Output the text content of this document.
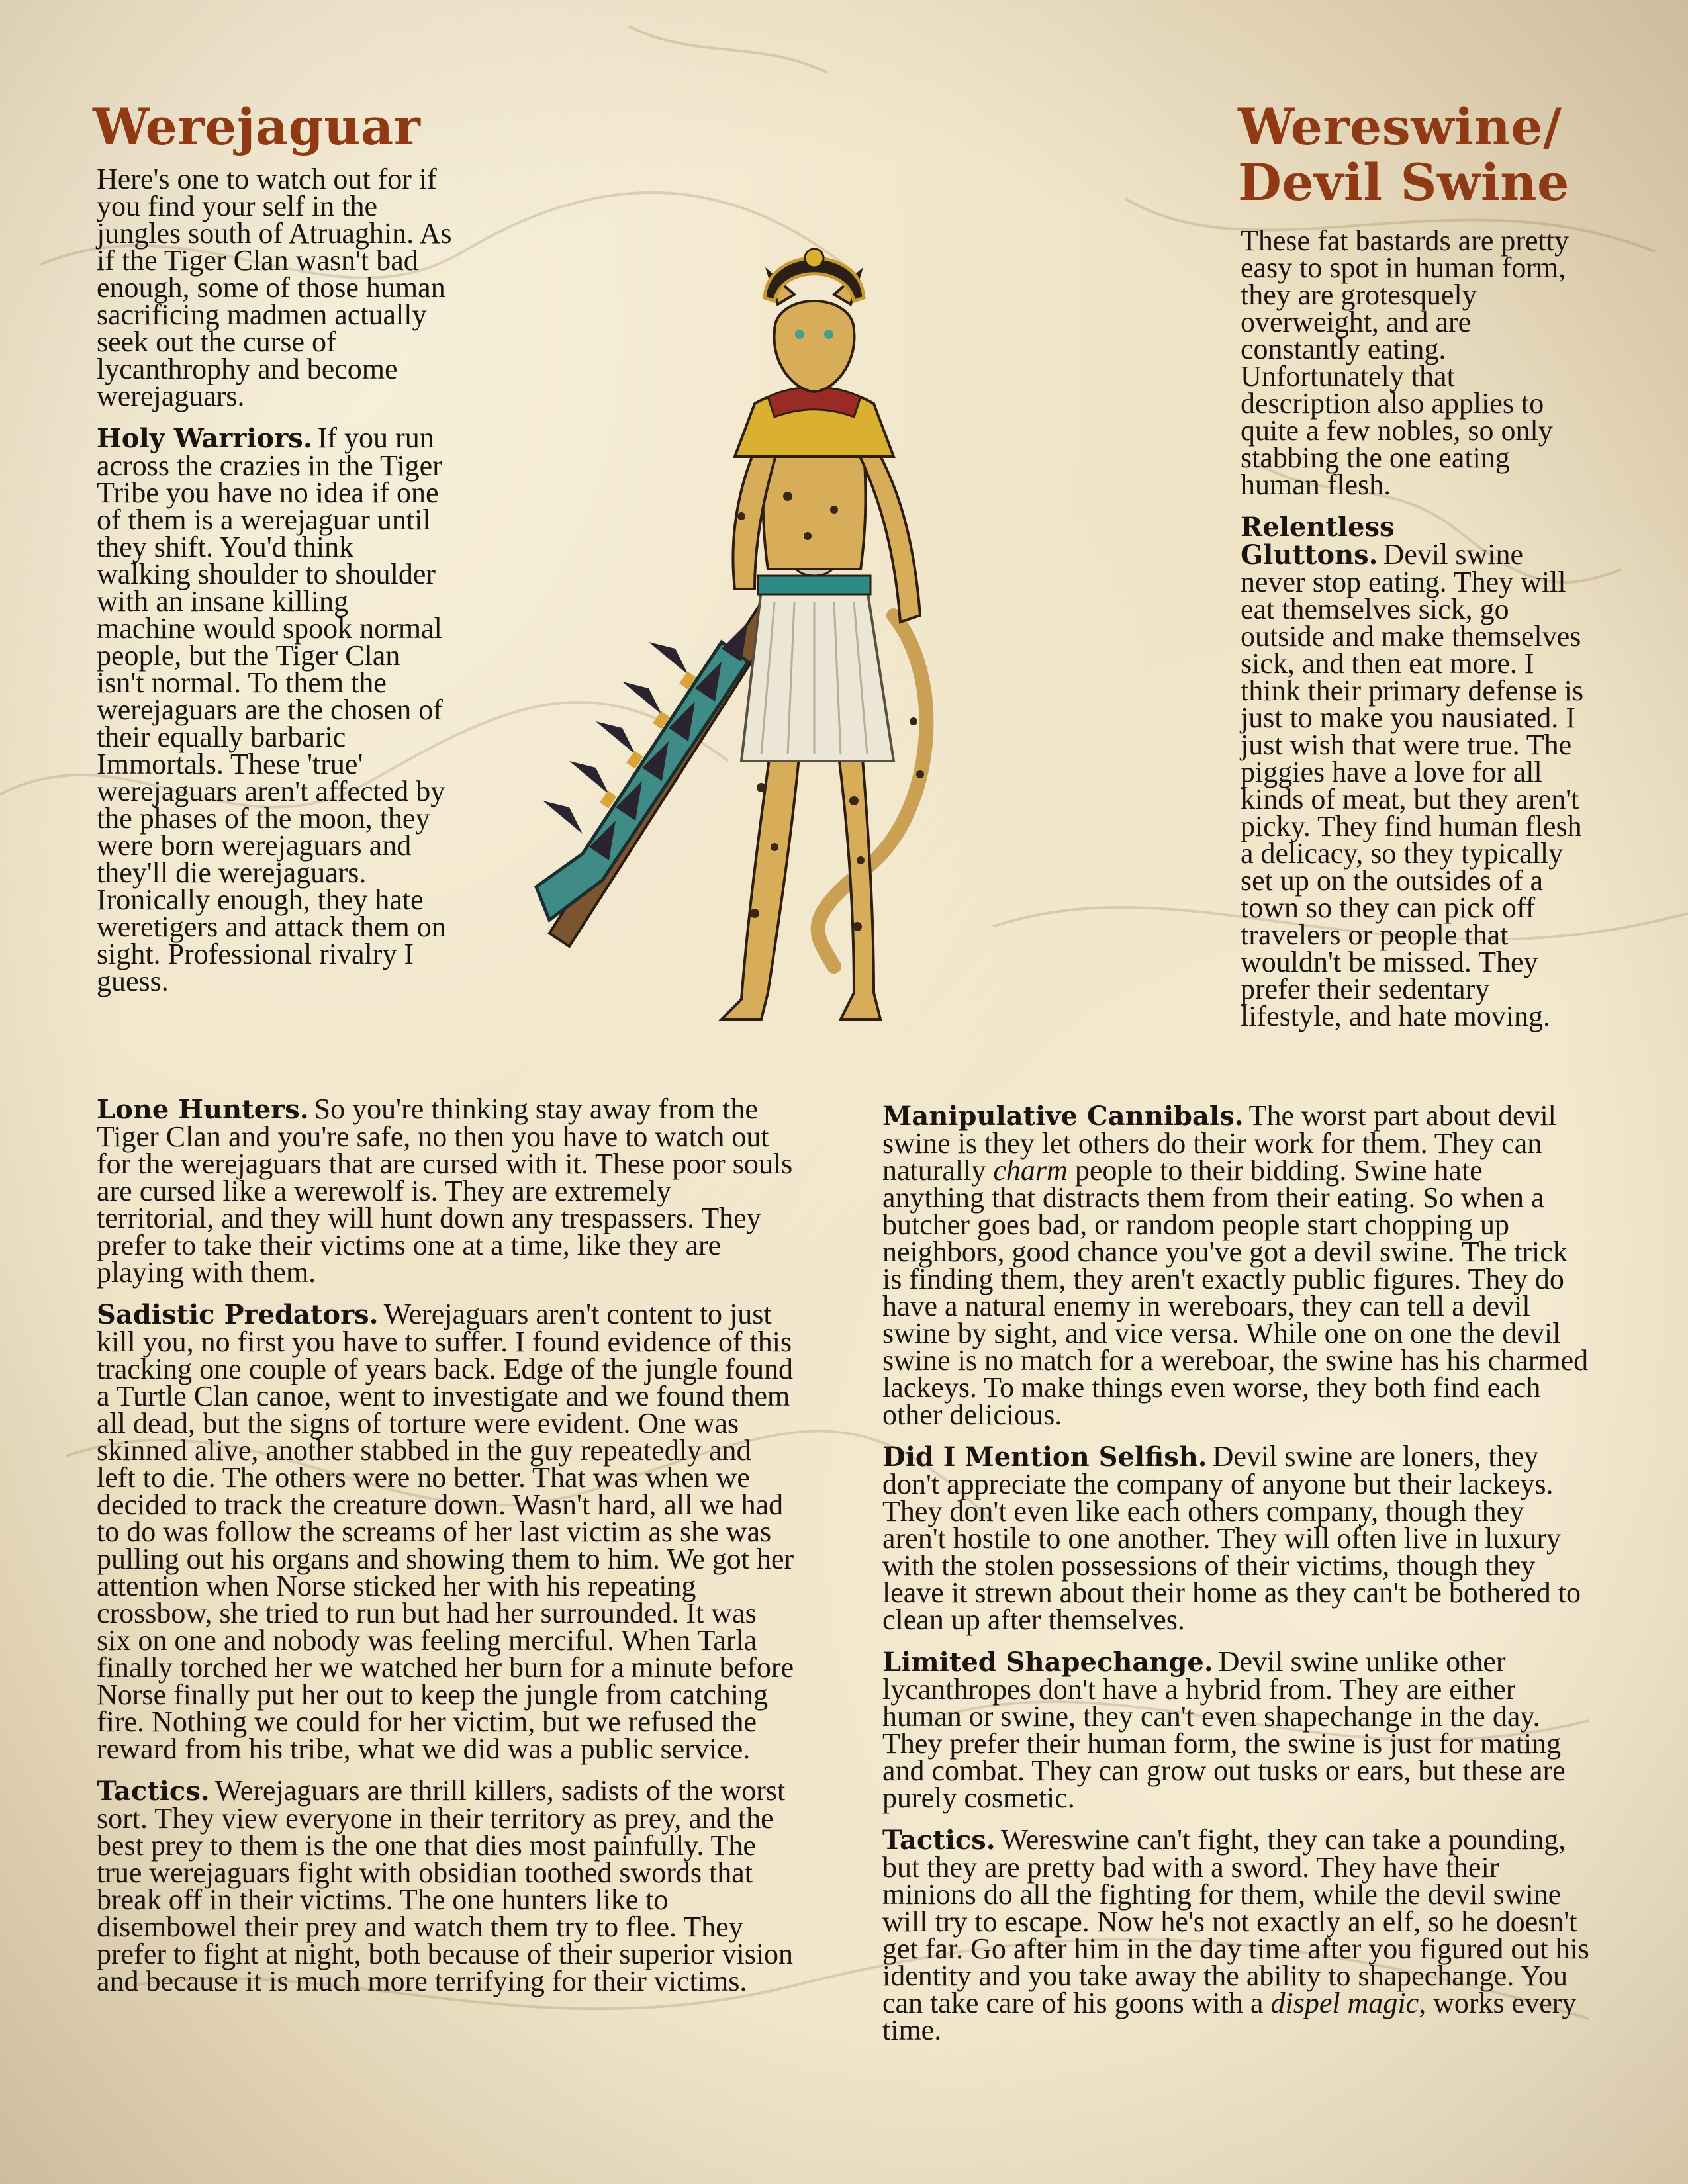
Werejaguar

Here's one to watch out for if you find your self in the jungles south of Atruaghin. As if the Tiger Clan wasn't bad enough, some of those human sacrificing madmen actually seek out the curse of lycanthrophy and become werejaguars.

Holy Warriors. If you run across the crazies in the Tiger Tribe you have no idea if one of them is a werejaguar until they shift. You'd think walking shoulder to shoulder with an insane killing machine would spook normal people, but the Tiger Clan isn't normal. To them the werejaguars are the chosen of their equally barbaric Immortals. These 'true' werejaguars aren't affected by the phases of the moon, they were born werejaguars and they'll die werejaguars. Ironically enough, they hate weretigers and attack them on sight. Professional rivalry I guess.

Lone Hunters. So you're thinking stay away from the Tiger Clan and you're safe, no then you have to watch out for the werejaguars that are cursed with it. These poor souls are cursed like a werewolf is. They are extremely territorial, and they will hunt down any trespassers. They prefer to take their victims one at a time, like they are playing with them.

Sadistic Predators. Werejaguars aren't content to just kill you, no first you have to suffer. I found evidence of this tracking one couple of years back. Edge of the jungle found a Turtle Clan canoe, went to investigate and we found them all dead, but the signs of torture were evident. One was skinned alive, another stabbed in the guy repeatedly and left to die. The others were no better. That was when we decided to track the creature down. Wasn't hard, all we had to do was follow the screams of her last victim as she was pulling out his organs and showing them to him. We got her attention when Norse sticked her with his repeating crossbow, she tried to run but had her surrounded. It was six on one and nobody was feeling merciful. When Tarla finally torched her we watched her burn for a minute before Norse finally put her out to keep the jungle from catching fire. Nothing we could for her victim, but we refused the reward from his tribe, what we did was a public service.

Tactics. Werejaguars are thrill killers, sadists of the worst sort. They view everyone in their territory as prey, and the best prey to them is the one that dies most painfully. The true werejaguars fight with obsidian toothed swords that break off in their victims. The one hunters like to disembowel their prey and watch them try to flee. They prefer to fight at night, both because of their superior vision and because it is much more terrifying for their victims.

Wereswine/
Devil Swine

These fat bastards are pretty easy to spot in human form, they are grotesquely overweight, and are constantly eating. Unfortunately that description also applies to quite a few nobles, so only stabbing the one eating human flesh.

Relentless Gluttons. Devil swine never stop eating. They will eat themselves sick, go outside and make themselves sick, and then eat more. I think their primary defense is just to make you nausiated. I just wish that were true. The piggies have a love for all kinds of meat, but they aren't picky. They find human flesh a delicacy, so they typically set up on the outsides of a town so they can pick off travelers or people that wouldn't be missed. They prefer their sedentary lifestyle, and hate moving.

Manipulative Cannibals. The worst part about devil swine is they let others do their work for them. They can naturally charm people to their bidding. Swine hate anything that distracts them from their eating. So when a butcher goes bad, or random people start chopping up neighbors, good chance you've got a devil swine. The trick is finding them, they aren't exactly public figures. They do have a natural enemy in wereboars, they can tell a devil swine by sight, and vice versa. While one on one the devil swine is no match for a wereboar, the swine has his charmed lackeys. To make things even worse, they both find each other delicious.

Did I Mention Selfish. Devil swine are loners, they don't appreciate the company of anyone but their lackeys. They don't even like each others company, though they aren't hostile to one another. They will often live in luxury with the stolen possessions of their victims, though they leave it strewn about their home as they can't be bothered to clean up after themselves.

Limited Shapechange. Devil swine unlike other lycanthropes don't have a hybrid from. They are either human or swine, they can't even shapechange in the day. They prefer their human form, the swine is just for mating and combat. They can grow out tusks or ears, but these are purely cosmetic.

Tactics. Wereswine can't fight, they can take a pounding, but they are pretty bad with a sword. They have their minions do all the fighting for them, while the devil swine will try to escape. Now he's not exactly an elf, so he doesn't get far. Go after him in the day time after you figured out his identity and you take away the ability to shapechange. You can take care of his goons with a dispel magic, works every time.
